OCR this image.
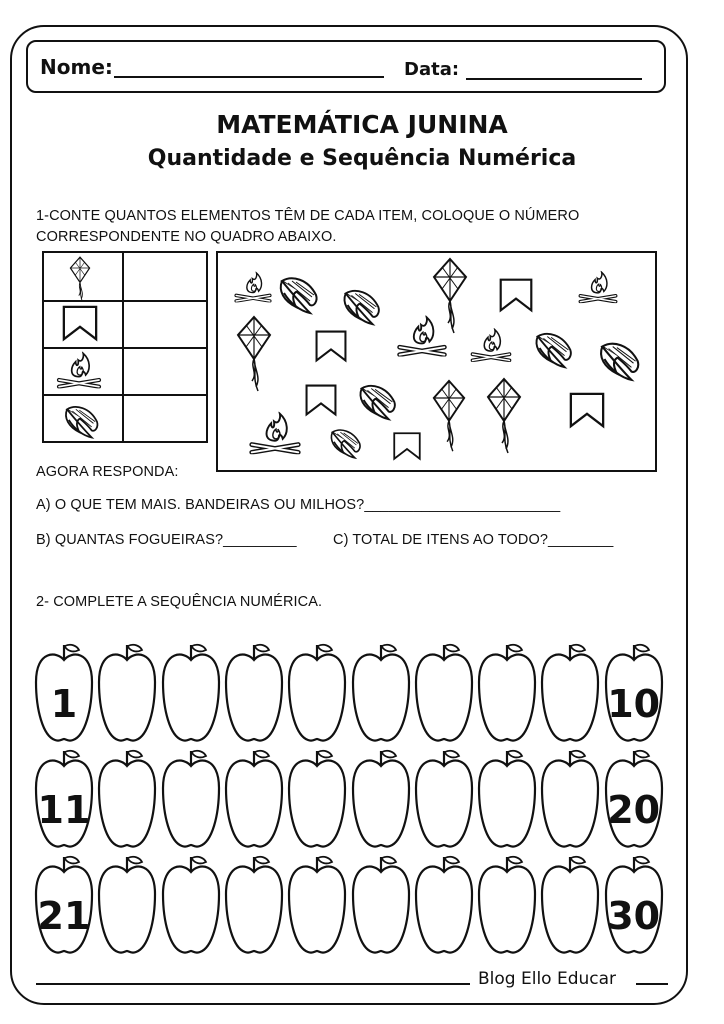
Nome:	Data:
MATEMÁTICA JUNINA
Quantidade e Sequência Numérica
1-CONTE QUANTOS ELEMENTOS TÊM DE CADA ITEM, COLOQUE O NÚMERO
CORRESPONDENTE NO QUADRO ABAIXO.
AGORA RESPONDA:
A) O QUE TEM MAIS. BANDEIRAS OU MILHOS?________________________
B) QUANTAS FOGUEIRAS?_________	C) TOTAL DE ITENS AO TODO?________
2- COMPLETE A SEQUÊNCIA NUMÉRICA.
1	10
11	20
21	30
Blog Ello Educar
